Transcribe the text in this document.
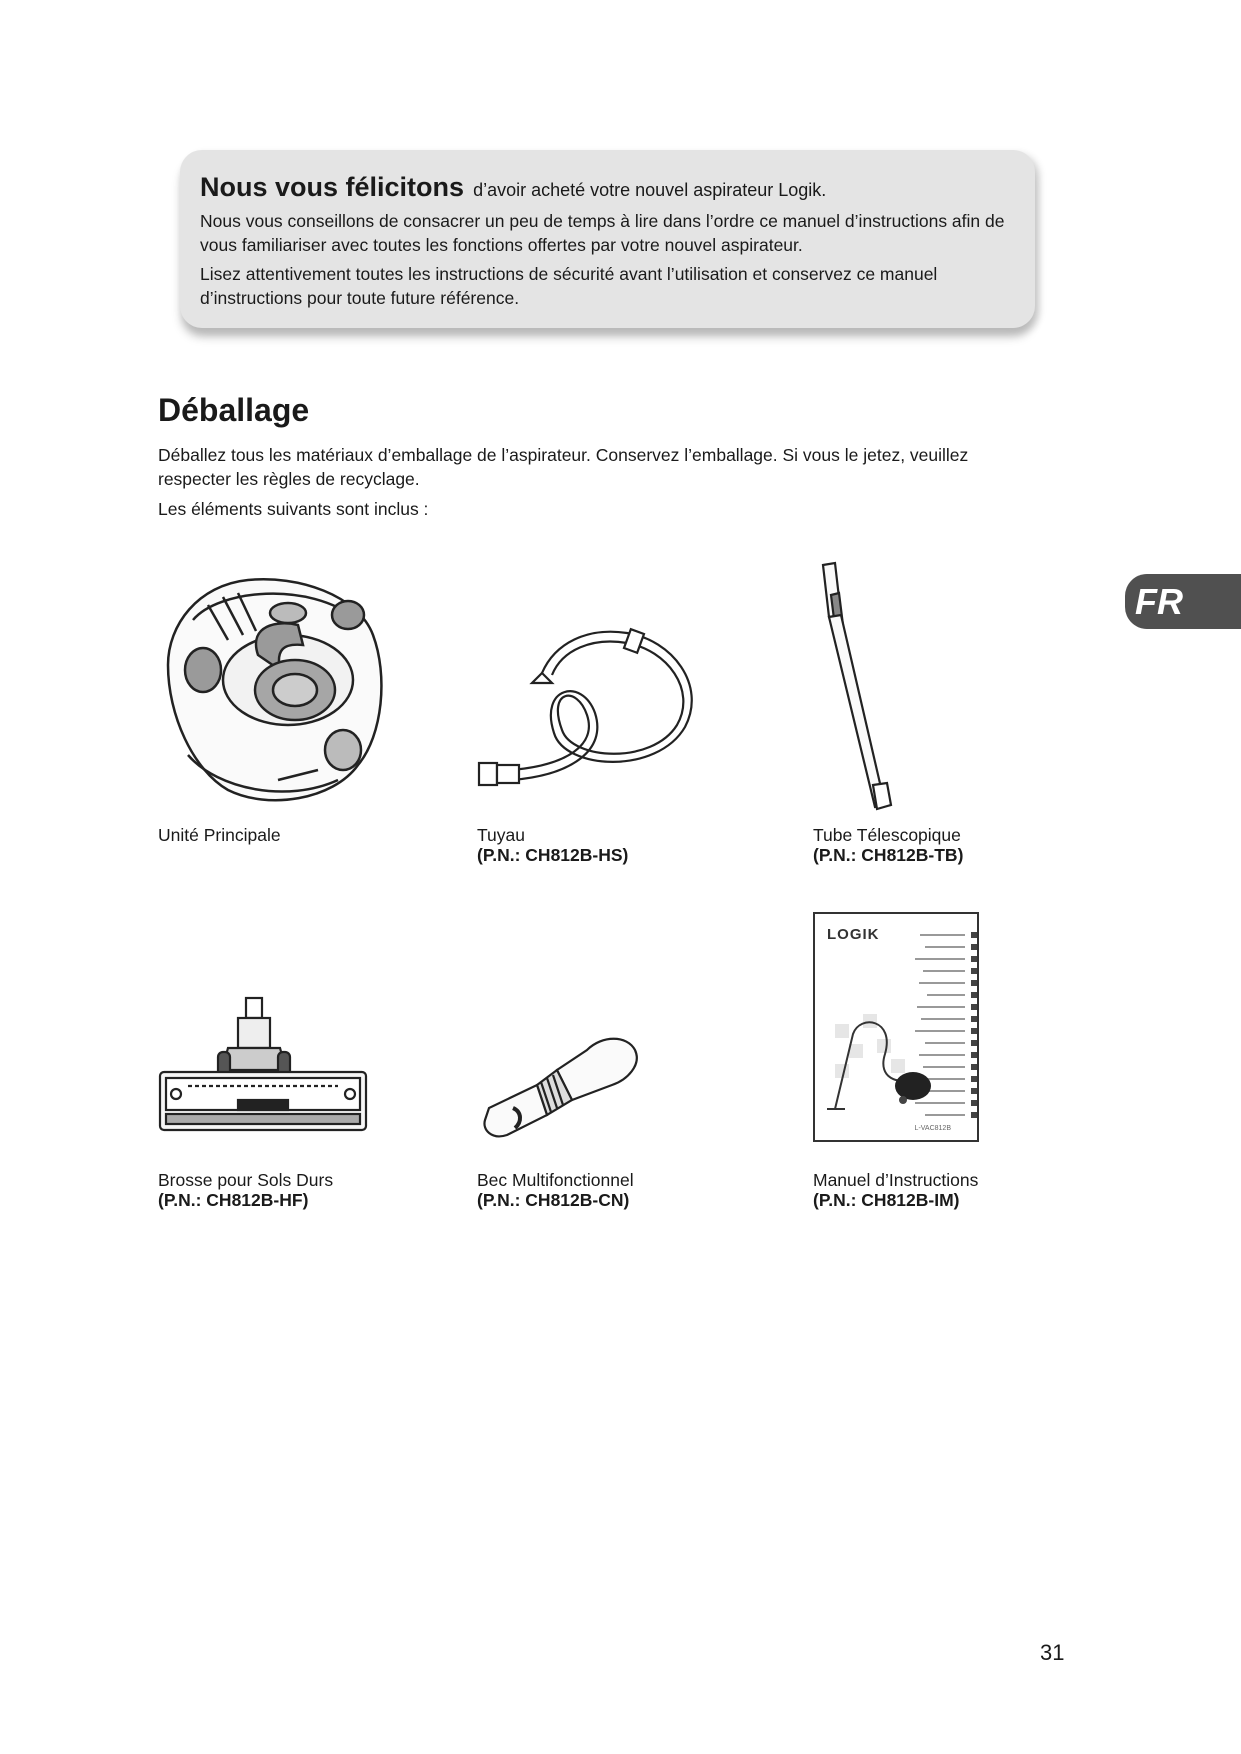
Nous vous félicitons d’avoir acheté votre nouvel aspirateur Logik.

Nous vous conseillons de consacrer un peu de temps à lire dans l’ordre ce manuel d’instructions afin de vous familiariser avec toutes les fonctions offertes par votre nouvel aspirateur.

Lisez attentivement toutes les instructions de sécurité avant l’utilisation et conservez ce manuel d’instructions pour toute future référence.

Déballage

Déballez tous les matériaux d’emballage de l’aspirateur. Conservez l’emballage. Si vous le jetez, veuillez respecter les règles de recyclage.

Les éléments suivants sont inclus :

FR
Unité Principale	Tuyau
(P.N.: CH812B-HS)
Tube Télescopique
(P.N.: CH812B-TB)
Brosse pour Sols Durs
(P.N.: CH812B-HF)
Bec Multifonctionnel
(P.N.: CH812B-CN)
LOGIK
L-VAC812B
Manuel d’Instructions
(P.N.: CH812B-IM)
31
